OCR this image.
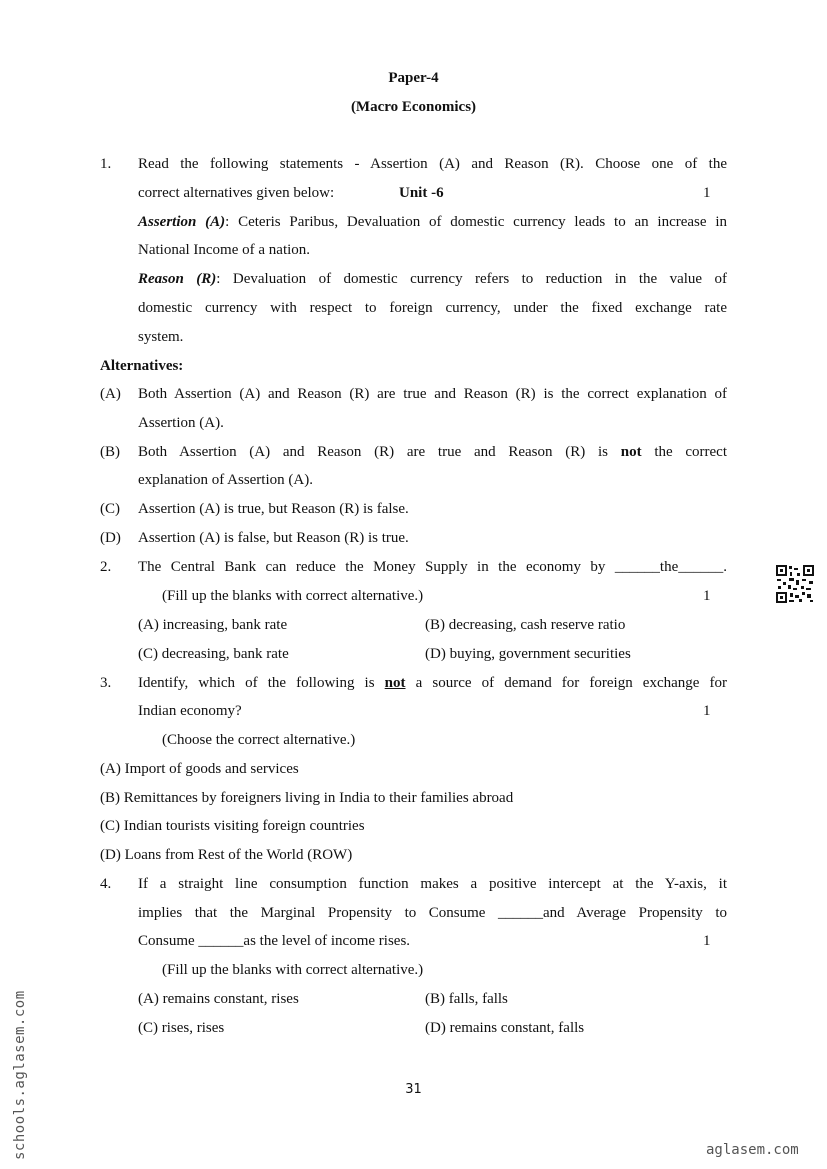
Paper-4
(Macro Economics)
1. Read the following statements - Assertion (A) and Reason (R). Choose one of the
correct alternatives given below:	Unit -6	1
Assertion (A): Ceteris Paribus, Devaluation of domestic currency leads to an increase in
National Income of a nation.
Reason (R): Devaluation of domestic currency refers to reduction in the value of
domestic currency with respect to foreign currency, under the fixed exchange rate
system.
Alternatives:
(A) Both Assertion (A) and Reason (R) are true and Reason (R) is the correct explanation of
Assertion (A).
(B) Both Assertion (A) and Reason (R) are true and Reason (R) is not the correct
explanation of Assertion (A).
(C) Assertion (A) is true, but Reason (R) is false.
(D) Assertion (A) is false, but Reason (R) is true.
2. The Central Bank can reduce the Money Supply in the economy by ______the______.
(Fill up the blanks with correct alternative.)	1
(A) increasing, bank rate	(B) decreasing, cash reserve ratio
(C) decreasing, bank rate	(D) buying, government securities
3. Identify, which of the following is not a source of demand for foreign exchange for
Indian economy?	1
(Choose the correct alternative.)
(A) Import of goods and services
(B) Remittances by foreigners living in India to their families abroad
(C) Indian tourists visiting foreign countries
(D) Loans from Rest of the World (ROW)
4. If a straight line consumption function makes a positive intercept at the Y-axis, it
implies that the Marginal Propensity to Consume ______and Average Propensity to
Consume ______as the level of income rises.	1
(Fill up the blanks with correct alternative.)
(A) remains constant, rises	(B) falls, falls
(C) rises, rises	(D) remains constant, falls
31
schools.aglasem.com	aglasem.com
